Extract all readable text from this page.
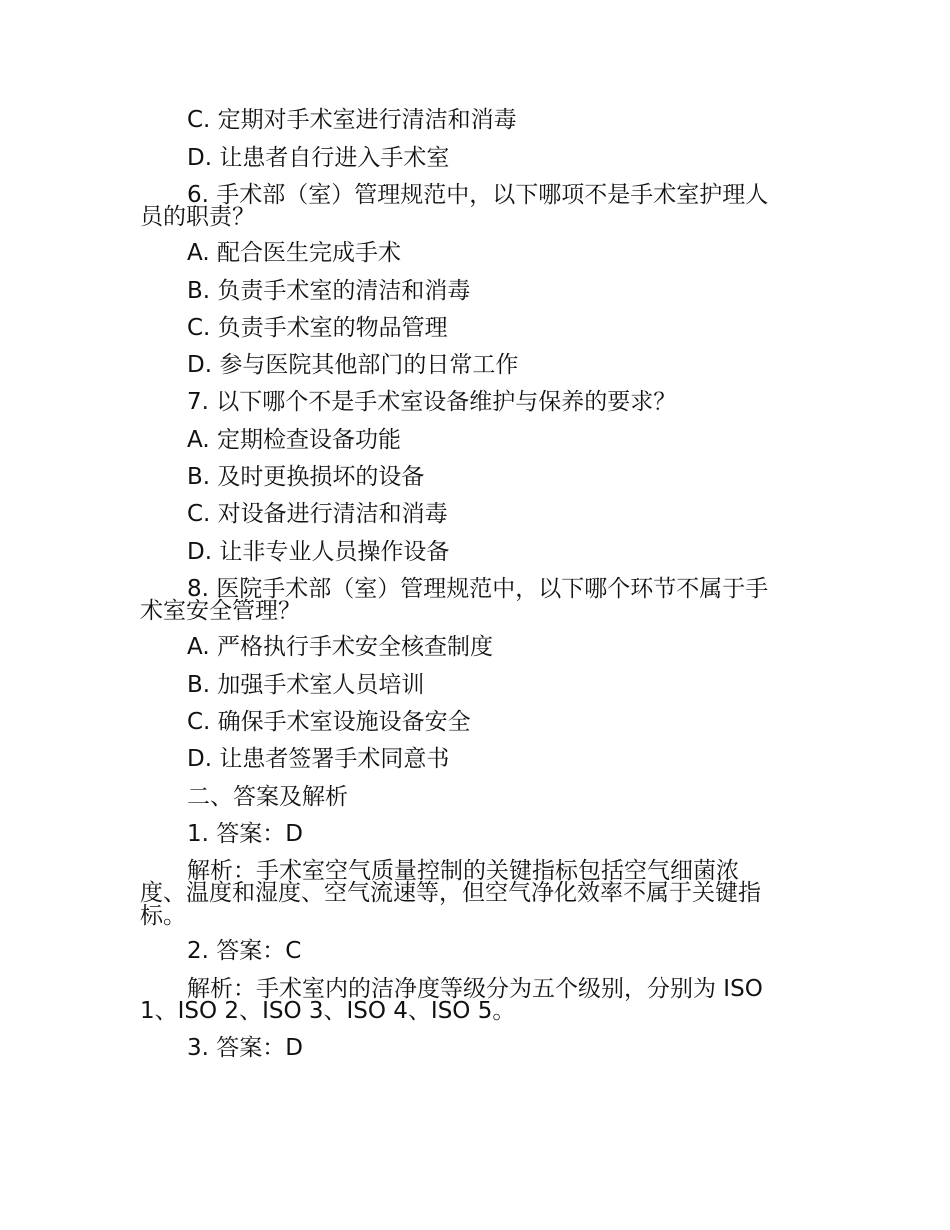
C. 定期对手术室进行清洁和消毒
D. 让患者自行进入手术室
6. 手术部（室）管理规范中，以下哪项不是手术室护理人
员的职责？
A. 配合医生完成手术
B. 负责手术室的清洁和消毒
C. 负责手术室的物品管理
D. 参与医院其他部门的日常工作
7. 以下哪个不是手术室设备维护与保养的要求？
A. 定期检查设备功能
B. 及时更换损坏的设备
C. 对设备进行清洁和消毒
D. 让非专业人员操作设备
8. 医院手术部（室）管理规范中，以下哪个环节不属于手
术室安全管理？
A. 严格执行手术安全核查制度
B. 加强手术室人员培训
C. 确保手术室设施设备安全
D. 让患者签署手术同意书
二、答案及解析
1. 答案：D
解析：手术室空气质量控制的关键指标包括空气细菌浓
度、温度和湿度、空气流速等，但空气净化效率不属于关键指
标。
2. 答案：C
解析：手术室内的洁净度等级分为五个级别，分别为 ISO
1、ISO 2、ISO 3、ISO 4、ISO 5。
3. 答案：D
